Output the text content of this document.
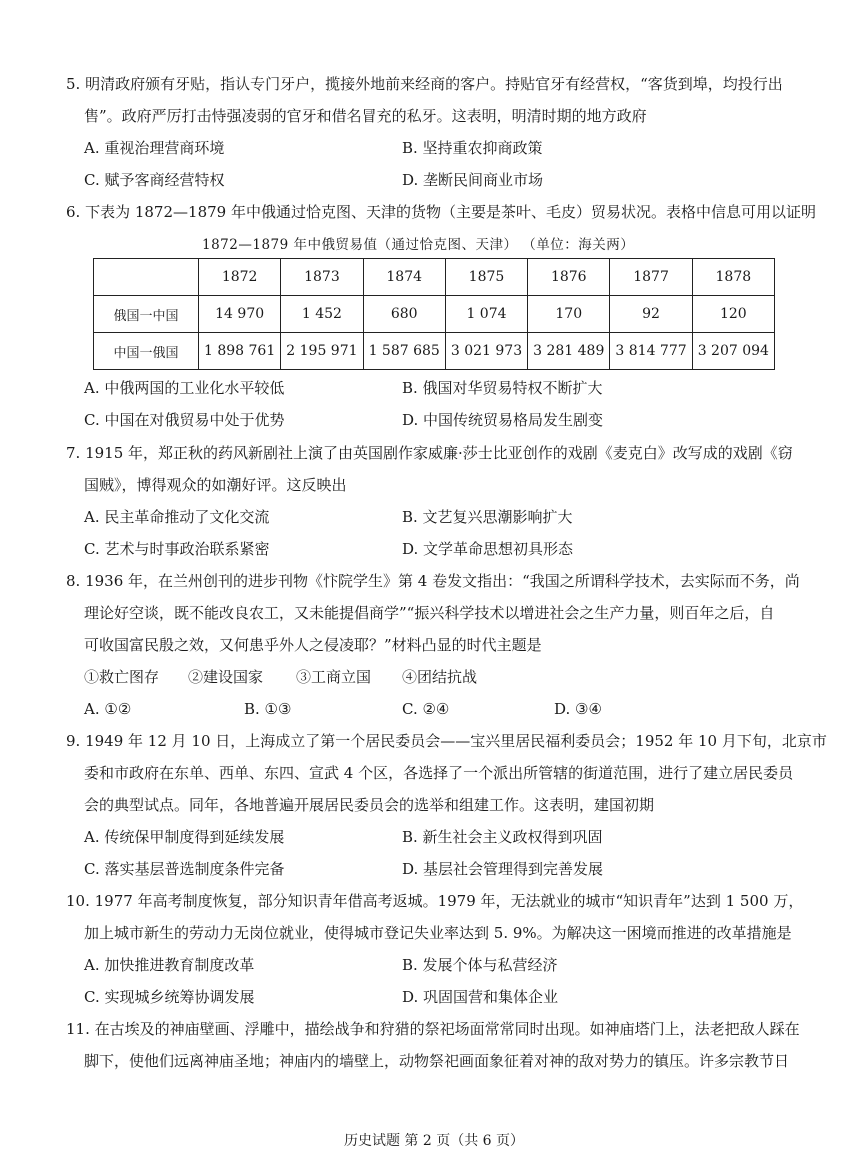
5. 明清政府颁有牙贴，指认专门牙户，揽接外地前来经商的客户。持贴官牙有经营权，“客货到埠，均投行出
售”。政府严厉打击恃强凌弱的官牙和借名冒充的私牙。这表明，明清时期的地方政府
A. 重视治理营商环境	B. 坚持重农抑商政策
C. 赋予客商经营特权	D. 垄断民间商业市场
6. 下表为 1872—1879 年中俄通过恰克图、天津的货物（主要是茶叶、毛皮）贸易状况。表格中信息可用以证明
1872—1879 年中俄贸易值（通过恰克图、天津） （单位：海关两）
	1872	1873	1874	1875	1876	1877	1878
俄国一中国	14 970	1 452	680	1 074	170	92	120
中国一俄国	1 898 761	2 195 971	1 587 685	3 021 973	3 281 489	3 814 777	3 207 094
A. 中俄两国的工业化水平较低	B. 俄国对华贸易特权不断扩大
C. 中国在对俄贸易中处于优势	D. 中国传统贸易格局发生剧变
7. 1915 年，郑正秋的药风新剧社上演了由英国剧作家威廉·莎士比亚创作的戏剧《麦克白》改写成的戏剧《窃
国贼》，博得观众的如潮好评。这反映出
A. 民主革命推动了文化交流	B. 文艺复兴思潮影响扩大
C. 艺术与时事政治联系紧密	D. 文学革命思想初具形态
8. 1936 年，在兰州创刊的进步刊物《忭院学生》第 4 卷发文指出：“我国之所谓科学技术，去实际而不务，尚
理论好空谈，既不能改良农工，又未能提倡商学”“振兴科学技术以增进社会之生产力量，则百年之后，自
可收国富民殷之效，又何患乎外人之侵凌耶？”材料凸显的时代主题是
①救亡图存 ②建设国家 ③工商立国 ④团结抗战
A. ①②	B. ①③	C. ②④	D. ③④
9. 1949 年 12 月 10 日，上海成立了第一个居民委员会——宝兴里居民福利委员会；1952 年 10 月下旬，北京市
委和市政府在东单、西单、东四、宣武 4 个区，各选择了一个派出所管辖的街道范围，进行了建立居民委员
会的典型试点。同年，各地普遍开展居民委员会的选举和组建工作。这表明，建国初期
A. 传统保甲制度得到延续发展	B. 新生社会主义政权得到巩固
C. 落实基层普选制度条件完备	D. 基层社会管理得到完善发展
10. 1977 年高考制度恢复，部分知识青年借高考返城。1979 年，无法就业的城市“知识青年”达到 1 500 万，
加上城市新生的劳动力无岗位就业，使得城市登记失业率达到 5. 9%。为解决这一困境而推进的改革措施是
A. 加快推进教育制度改革	B. 发展个体与私营经济
C. 实现城乡统筹协调发展	D. 巩固国营和集体企业
11. 在古埃及的神庙壁画、浮雕中，描绘战争和狩猎的祭祀场面常常同时出现。如神庙塔门上，法老把敌人踩在
脚下，使他们远离神庙圣地；神庙内的墙壁上，动物祭祀画面象征着对神的敌对势力的镇压。许多宗教节日
历史试题 第 2 页（共 6 页）
